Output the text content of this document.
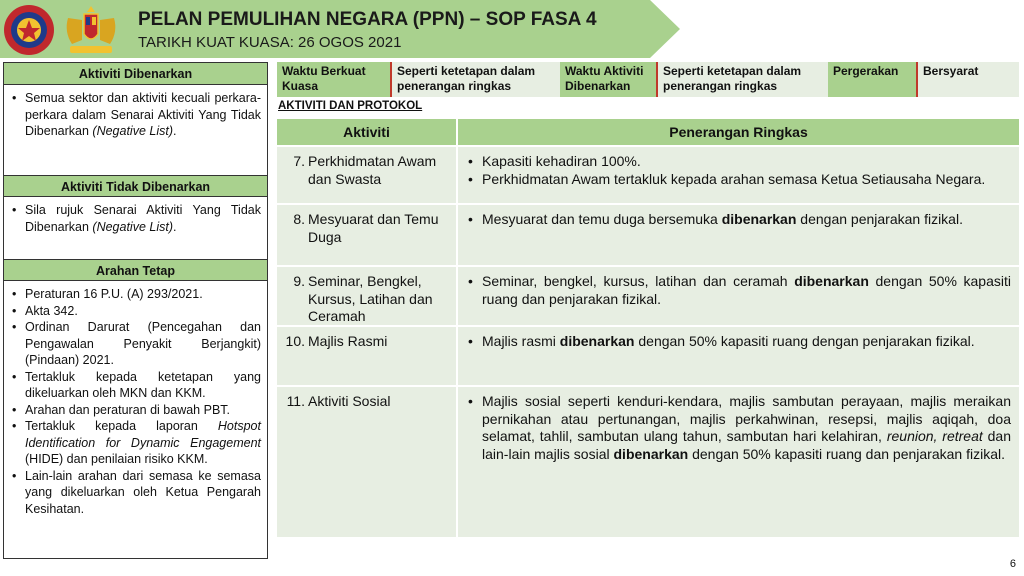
PELAN PEMULIHAN NEGARA (PPN) – SOP FASA 4
TARIKH KUAT KUASA: 26 OGOS 2021
Aktiviti Dibenarkan
• Semua sektor dan aktiviti kecuali perkara-perkara dalam Senarai Aktiviti Yang Tidak Dibenarkan (Negative List).
Aktiviti Tidak Dibenarkan
• Sila rujuk Senarai Aktiviti Yang Tidak Dibenarkan (Negative List).
Arahan Tetap
• Peraturan 16 P.U. (A) 293/2021.
• Akta 342.
• Ordinan Darurat (Pencegahan dan Pengawalan Penyakit Berjangkit) (Pindaan) 2021.
• Tertakluk kepada ketetapan yang dikeluarkan oleh MKN dan KKM.
• Arahan dan peraturan di bawah PBT.
• Tertakluk kepada laporan Hotspot Identification for Dynamic Engagement (HIDE) dan penilaian risiko KKM.
• Lain-lain arahan dari semasa ke semasa yang dikeluarkan oleh Ketua Pengarah Kesihatan.
Waktu Berkuat Kuasa
Seperti ketetapan dalam penerangan ringkas
Waktu Aktiviti Dibenarkan
Seperti ketetapan dalam penerangan ringkas
Pergerakan	Bersyarat
AKTIVITI DAN PROTOKOL
Aktiviti	Penerangan Ringkas
7. Perkhidmatan Awam dan Swasta
• Kapasiti kehadiran 100%.
• Perkhidmatan Awam tertakluk kepada arahan semasa Ketua Setiausaha Negara.
8. Mesyuarat dan Temu Duga
• Mesyuarat dan temu duga bersemuka dibenarkan dengan penjarakan fizikal.
9. Seminar, Bengkel, Kursus, Latihan dan Ceramah
• Seminar, bengkel, kursus, latihan dan ceramah dibenarkan dengan 50% kapasiti ruang dan penjarakan fizikal.
10. Majlis Rasmi	• Majlis rasmi dibenarkan dengan 50% kapasiti ruang dengan penjarakan fizikal.
11. Aktiviti Sosial	• Majlis sosial seperti kenduri-kendara, majlis sambutan perayaan, majlis meraikan pernikahan atau pertunangan, majlis perkahwinan, resepsi, majlis aqiqah, doa selamat, tahlil, sambutan ulang tahun, sambutan hari kelahiran, reunion, retreat dan lain-lain majlis sosial dibenarkan dengan 50% kapasiti ruang dan penjarakan fizikal.
6
